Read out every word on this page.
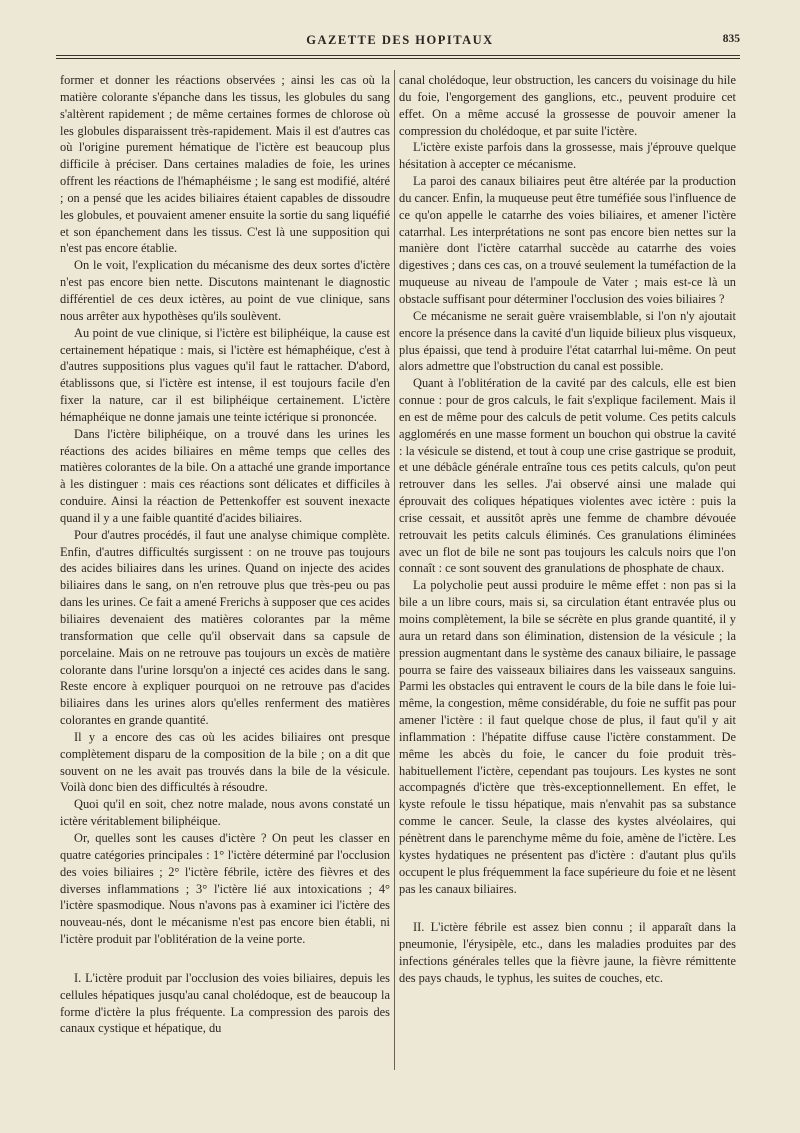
GAZETTE DES HOPITAUX	835

former et donner les réactions observées ; ainsi les cas où la matière colorante s'épanche dans les tissus, les globules du sang s'altèrent rapidement ; de même certaines formes de chlorose où les globules disparaissent très-rapidement. Mais il est d'autres cas où l'origine purement hématique de l'ictère est beaucoup plus difficile à préciser. Dans certaines maladies de foie, les urines offrent les réactions de l'hémaphéisme ; le sang est modifié, altéré ; on a pensé que les acides biliaires étaient capables de dissoudre les globules, et pouvaient amener ensuite la sortie du sang liquéfié et son épanchement dans les tissus. C'est là une supposition qui n'est pas encore établie.

On le voit, l'explication du mécanisme des deux sortes d'ictère n'est pas encore bien nette. Discutons maintenant le diagnostic différentiel de ces deux ictères, au point de vue clinique, sans nous arrêter aux hypothèses qu'ils soulèvent.

Au point de vue clinique, si l'ictère est biliphéique, la cause est certainement hépatique : mais, si l'ictère est hémaphéique, c'est à d'autres suppositions plus vagues qu'il faut le rattacher. D'abord, établissons que, si l'ictère est intense, il est toujours facile d'en fixer la nature, car il est biliphéique certainement. L'ictère hémaphéique ne donne jamais une teinte ictérique si prononcée.

Dans l'ictère biliphéique, on a trouvé dans les urines les réactions des acides biliaires en même temps que celles des matières colorantes de la bile. On a attaché une grande importance à les distinguer : mais ces réactions sont délicates et difficiles à conduire. Ainsi la réaction de Pettenkoffer est souvent inexacte quand il y a une faible quantité d'acides biliaires.

Pour d'autres procédés, il faut une analyse chimique complète. Enfin, d'autres difficultés surgissent : on ne trouve pas toujours des acides biliaires dans les urines. Quand on injecte des acides biliaires dans le sang, on n'en retrouve plus que très-peu ou pas dans les urines. Ce fait a amené Frerichs à supposer que ces acides biliaires devenaient des matières colorantes par la même transformation que celle qu'il observait dans sa capsule de porcelaine. Mais on ne retrouve pas toujours un excès de matière colorante dans l'urine lorsqu'on a injecté ces acides dans le sang. Reste encore à expliquer pourquoi on ne retrouve pas d'acides biliaires dans les urines alors qu'elles renferment des matières colorantes en grande quantité.

Il y a encore des cas où les acides biliaires ont presque complètement disparu de la composition de la bile ; on a dit que souvent on ne les avait pas trouvés dans la bile de la vésicule. Voilà donc bien des difficultés à résoudre.

Quoi qu'il en soit, chez notre malade, nous avons constaté un ictère véritablement biliphéique.

Or, quelles sont les causes d'ictère ? On peut les classer en quatre catégories principales : 1° l'ictère déterminé par l'occlusion des voies biliaires ; 2° l'ictère fébrile, ictère des fièvres et des diverses inflammations ; 3° l'ictère lié aux intoxications ; 4° l'ictère spasmodique. Nous n'avons pas à examiner ici l'ictère des nouveau-nés, dont le mécanisme n'est pas encore bien établi, ni l'ictère produit par l'oblitération de la veine porte.

I. L'ictère produit par l'occlusion des voies biliaires, depuis les cellules hépatiques jusqu'au canal cholédoque, est de beaucoup la forme d'ictère la plus fréquente. La compression des parois des canaux cystique et hépatique, du

canal cholédoque, leur obstruction, les cancers du voisinage du hile du foie, l'engorgement des ganglions, etc., peuvent produire cet effet. On a même accusé la grossesse de pouvoir amener la compression du cholédoque, et par suite l'ictère.

L'ictère existe parfois dans la grossesse, mais j'éprouve quelque hésitation à accepter ce mécanisme.

La paroi des canaux biliaires peut être altérée par la production du cancer. Enfin, la muqueuse peut être tuméfiée sous l'influence de ce qu'on appelle le catarrhe des voies biliaires, et amener l'ictère catarrhal. Les interprétations ne sont pas encore bien nettes sur la manière dont l'ictère catarrhal succède au catarrhe des voies digestives ; dans ces cas, on a trouvé seulement la tuméfaction de la muqueuse au niveau de l'ampoule de Vater ; mais est-ce là un obstacle suffisant pour déterminer l'occlusion des voies biliaires ?

Ce mécanisme ne serait guère vraisemblable, si l'on n'y ajoutait encore la présence dans la cavité d'un liquide bilieux plus visqueux, plus épaissi, que tend à produire l'état catarrhal lui-même. On peut alors admettre que l'obstruction du canal est possible.

Quant à l'oblitération de la cavité par des calculs, elle est bien connue : pour de gros calculs, le fait s'explique facilement. Mais il en est de même pour des calculs de petit volume. Ces petits calculs agglomérés en une masse forment un bouchon qui obstrue la cavité : la vésicule se distend, et tout à coup une crise gastrique se produit, et une débâcle générale entraîne tous ces petits calculs, qu'on peut retrouver dans les selles. J'ai observé ainsi une malade qui éprouvait des coliques hépatiques violentes avec ictère : puis la crise cessait, et aussitôt après une femme de chambre dévouée retrouvait les petits calculs éliminés. Ces granulations éliminées avec un flot de bile ne sont pas toujours les calculs noirs que l'on connaît : ce sont souvent des granulations de phosphate de chaux.

La polycholie peut aussi produire le même effet : non pas si la bile a un libre cours, mais si, sa circulation étant entravée plus ou moins complètement, la bile se sécrète en plus grande quantité, il y aura un retard dans son élimination, distension de la vésicule ; la pression augmentant dans le système des canaux biliaire, le passage pourra se faire des vaisseaux biliaires dans les vaisseaux sanguins. Parmi les obstacles qui entravent le cours de la bile dans le foie lui-même, la congestion, même considérable, du foie ne suffit pas pour amener l'ictère : il faut quelque chose de plus, il faut qu'il y ait inflammation : l'hépatite diffuse cause l'ictère constamment. De même les abcès du foie, le cancer du foie produit très-habituellement l'ictère, cependant pas toujours. Les kystes ne sont accompagnés d'ictère que très-exceptionnellement. En effet, le kyste refoule le tissu hépatique, mais n'envahit pas sa substance comme le cancer. Seule, la classe des kystes alvéolaires, qui pénètrent dans le parenchyme même du foie, amène de l'ictère. Les kystes hydatiques ne présentent pas d'ictère : d'autant plus qu'ils occupent le plus fréquemment la face supérieure du foie et ne lèsent pas les canaux biliaires.

II. L'ictère fébrile est assez bien connu ; il apparaît dans la pneumonie, l'érysipèle, etc., dans les maladies produites par des infections générales telles que la fièvre jaune, la fièvre rémittente des pays chauds, le typhus, les suites de couches, etc.
